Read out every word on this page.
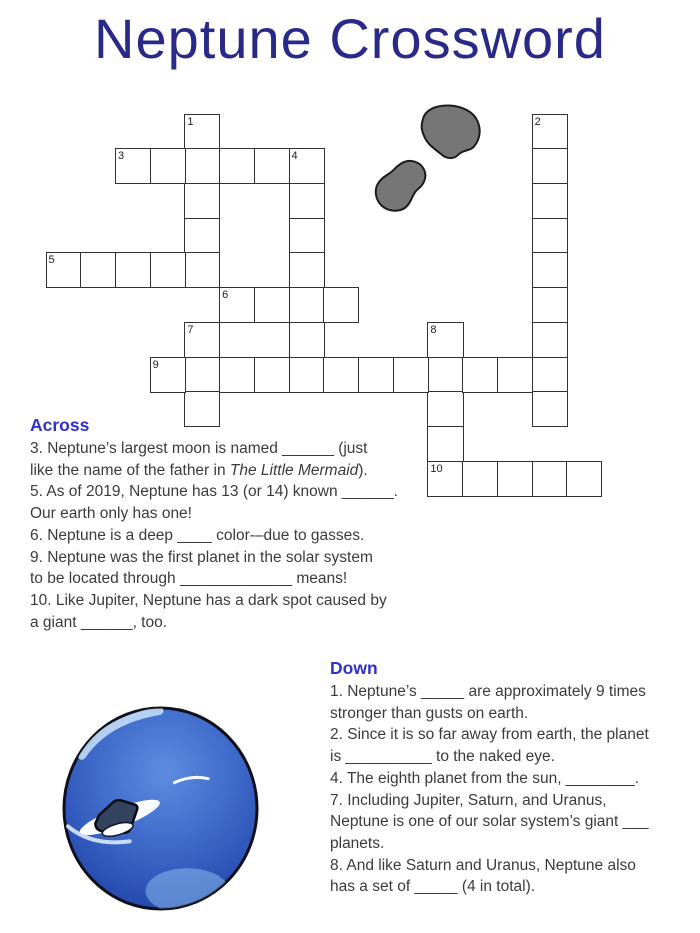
Neptune Crossword
1	2
3	4
5
6
7	8
10
9
Across
3. Neptune’s largest moon is named ______ (just
like the name of the father in The Little Mermaid).
5. As of 2019, Neptune has 13 (or 14) known ______.
Our earth only has one!
6. Neptune is a deep ____ color-–due to gasses.
9. Neptune was the first planet in the solar system
to be located through _____________ means!
10. Like Jupiter, Neptune has a dark spot caused by
a giant ______, too.
Down
1. Neptune’s _____ are approximately 9 times
stronger than gusts on earth.
2. Since it is so far away from earth, the planet
is __________ to the naked eye.
4. The eighth planet from the sun, ________.
7. Including Jupiter, Saturn, and Uranus,
Neptune is one of our solar system’s giant ___
planets.
8. And like Saturn and Uranus, Neptune also
has a set of _____ (4 in total).
